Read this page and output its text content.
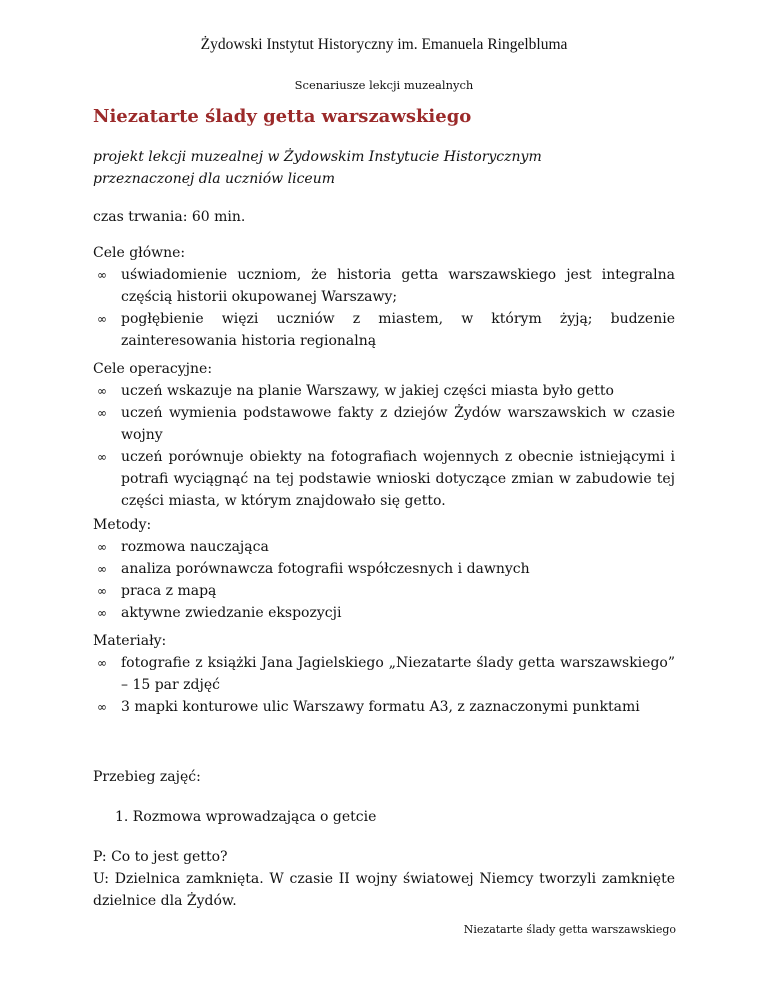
Żydowski Instytut Historyczny im. Emanuela Ringelbluma
Scenariusze lekcji muzealnych
Niezatarte ślady getta warszawskiego
projekt lekcji muzealnej w Żydowskim Instytucie Historycznym
przeznaczonej dla uczniów liceum
czas trwania: 60 min.

Cele główne:

∞ uświadomienie uczniom, że historia getta warszawskiego jest integralna częścią historii okupowanej Warszawy;
∞ pogłębienie więzi uczniów z miastem, w którym żyją; budzenie zainteresowania historia regionalną

Cele operacyjne:

∞ uczeń wskazuje na planie Warszawy, w jakiej części miasta było getto
∞ uczeń wymienia podstawowe fakty z dziejów Żydów warszawskich w czasie wojny
∞ uczeń porównuje obiekty na fotografiach wojennych z obecnie istniejącymi i potrafi wyciągnąć na tej podstawie wnioski dotyczące zmian w zabudowie tej części miasta, w którym znajdowało się getto.

Metody:

∞ rozmowa nauczająca
∞ analiza porównawcza fotografii współczesnych i dawnych
∞ praca z mapą
∞ aktywne zwiedzanie ekspozycji

Materiały:

∞ fotografie z książki Jana Jagielskiego „Niezatarte ślady getta warszawskiego” – 15 par zdjęć
∞ 3 mapki konturowe ulic Warszawy formatu A3, z zaznaczonymi punktami
Przebieg zajęć:
1. Rozmowa wprowadzająca o getcie
P: Co to jest getto?
U: Dzielnica zamknięta. W czasie II wojny światowej Niemcy tworzyli zamknięte dzielnice dla Żydów.
Niezatarte ślady getta warszawskiego
